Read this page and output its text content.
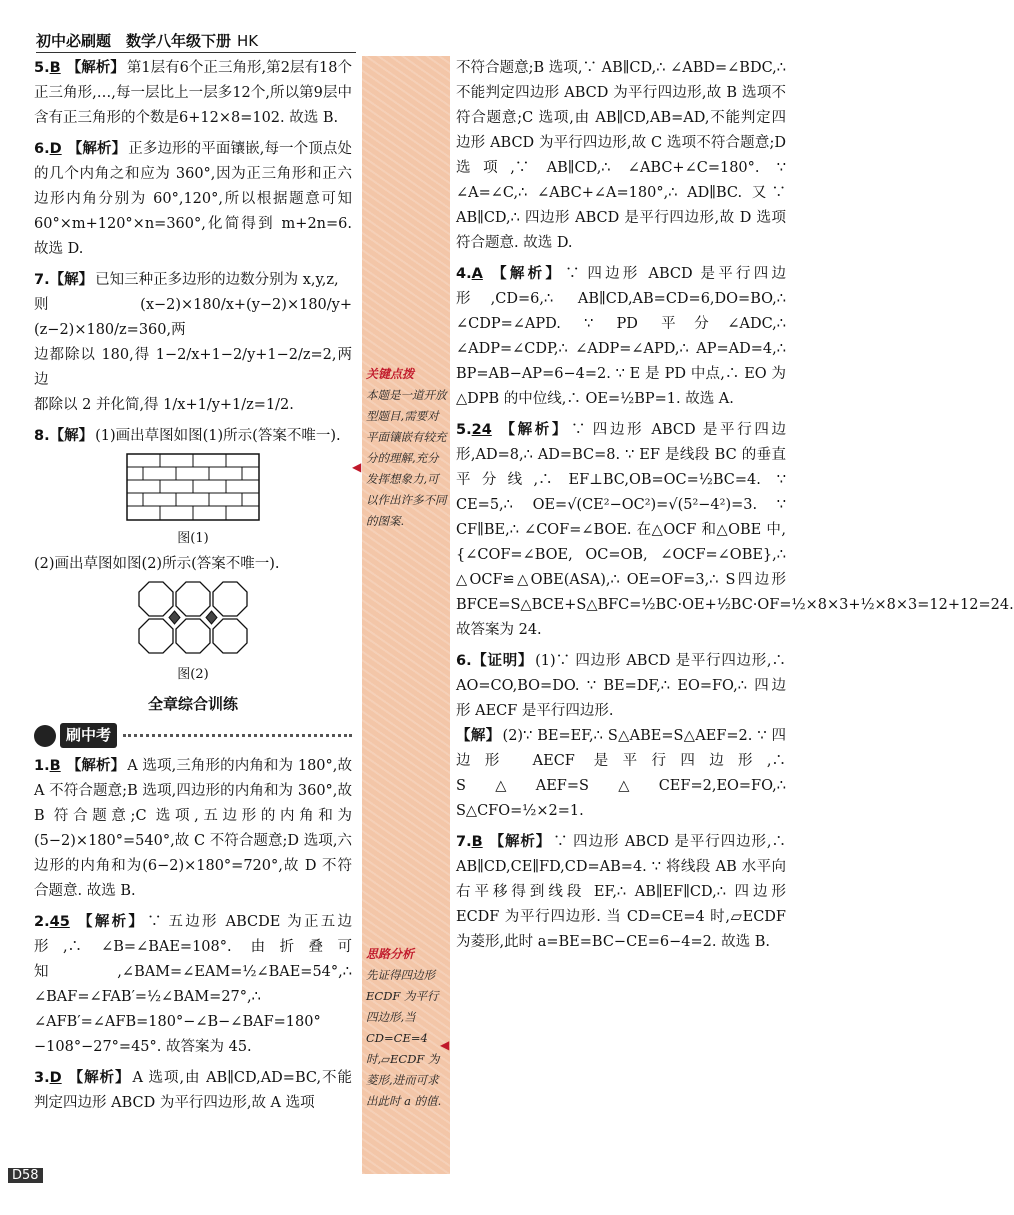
初中必刷题　数学八年级下册 HK
5.B 【解析】 第1层有6个正三角形,第2层有18个正三角形,…,每一层比上一层多12个,所以第9层中含有正三角形的个数是6+12×8=102. 故选 B.
6.D 【解析】 正多边形的平面镶嵌,每一个顶点处的几个内角之和应为 360°,因为正三角形和正六边形内角分别为 60°,120°,所以根据题意可知 60°×m+120°×n=360°,化简得到 m+2n=6. 故选 D.
7.【解】 已知三种正多边形的边数分别为 x,y,z,
则(x−2)×180/x+(y−2)×180/y+(z−2)×180/z=360,两
边都除以 180,得 1−2/x+1−2/y+1−2/z=2,两边
都除以 2 并化简,得 1/x+1/y+1/z=1/2.
8.【解】 (1)画出草图如图(1)所示(答案不唯一).
图(1)
(2)画出草图如图(2)所示(答案不唯一).
图(2)
全章综合训练
刷中考
1.B 【解析】 A 选项,三角形的内角和为 180°,故 A 不符合题意;B 选项,四边形的内角和为 360°,故 B 符合题意;C 选项,五边形的内角和为(5−2)×180°=540°,故 C 不符合题意;D 选项,六边形的内角和为(6−2)×180°=720°,故 D 不符合题意. 故选 B.
2.45 【解析】 ∵ 五边形 ABCDE 为正五边形,∴ ∠B=∠BAE=108°. 由折叠可知,∠BAM=∠EAM=½∠BAE=54°,∴ ∠BAF=∠FAB′=½∠BAM=27°,∴ ∠AFB′=∠AFB=180°−∠B−∠BAF=180°−108°−27°=45°. 故答案为 45.
3.D 【解析】 A 选项,由 AB∥CD,AD=BC,不能判定四边形 ABCD 为平行四边形,故 A 选项
关键点拨
本题是一道开放型题目,需要对平面镶嵌有较充分的理解,充分发挥想象力,可以作出许多不同的图案.
◀
思路分析
先证得四边形 ECDF 为平行四边形,当 CD=CE=4 时,▱ECDF 为菱形,进而可求出此时 a 的值.
◀
不符合题意;B 选项,∵ AB∥CD,∴ ∠ABD=∠BDC,∴ 不能判定四边形 ABCD 为平行四边形,故 B 选项不符合题意;C 选项,由 AB∥CD,AB=AD,不能判定四边形 ABCD 为平行四边形,故 C 选项不符合题意;D 选项,∵ AB∥CD,∴ ∠ABC+∠C=180°. ∵ ∠A=∠C,∴ ∠ABC+∠A=180°,∴ AD∥BC. 又∵ AB∥CD,∴ 四边形 ABCD 是平行四边形,故 D 选项符合题意. 故选 D.
4.A 【解析】 ∵ 四边形 ABCD 是平行四边形,CD=6,∴ AB∥CD,AB=CD=6,DO=BO,∴ ∠CDP=∠APD. ∵ PD 平分∠ADC,∴ ∠ADP=∠CDP,∴ ∠ADP=∠APD,∴ AP=AD=4,∴ BP=AB−AP=6−4=2. ∵ E 是 PD 中点,∴ EO 为△DPB 的中位线,∴ OE=½BP=1. 故选 A.
5.24 【解析】 ∵ 四边形 ABCD 是平行四边形,AD=8,∴ AD=BC=8. ∵ EF 是线段 BC 的垂直平分线,∴ EF⊥BC,OB=OC=½BC=4. ∵ CE=5,∴ OE=√(CE²−OC²)=√(5²−4²)=3. ∵ CF∥BE,∴ ∠COF=∠BOE. 在△OCF 和△OBE 中,{∠COF=∠BOE, OC=OB, ∠OCF=∠OBE},∴ △OCF≌△OBE(ASA),∴ OE=OF=3,∴ S四边形BFCE=S△BCE+S△BFC=½BC·OE+½BC·OF=½×8×3+½×8×3=12+12=24. 故答案为 24.
6.【证明】 (1)∵ 四边形 ABCD 是平行四边形,∴ AO=CO,BO=DO. ∵ BE=DF,∴ EO=FO,∴ 四边形 AECF 是平行四边形.
【解】 (2)∵ BE=EF,∴ S△ABE=S△AEF=2. ∵ 四边形 AECF 是平行四边形,∴ S△AEF=S△CEF=2,EO=FO,∴ S△CFO=½×2=1.
7.B 【解析】 ∵ 四边形 ABCD 是平行四边形,∴ AB∥CD,CE∥FD,CD=AB=4. ∵ 将线段 AB 水平向右平移得到线段 EF,∴ AB∥EF∥CD,∴ 四边形 ECDF 为平行四边形. 当 CD=CE=4 时,▱ECDF 为菱形,此时 a=BE=BC−CE=6−4=2. 故选 B.
D58
